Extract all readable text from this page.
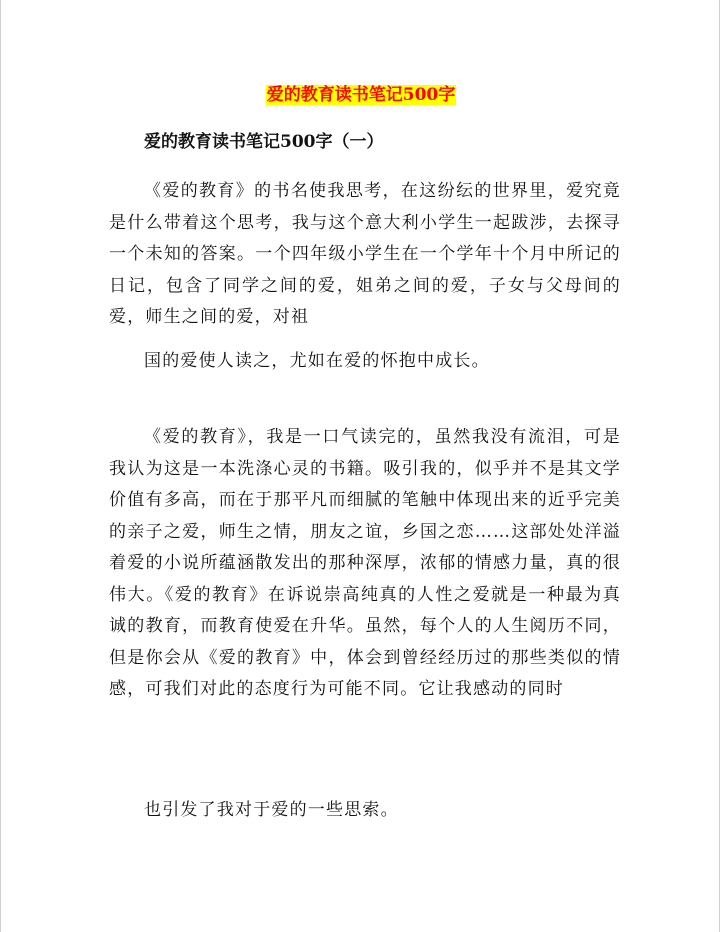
爱的教育读书笔记500字
爱的教育读书笔记500字（一）

《爱的教育》的书名使我思考，在这纷纭的世界里，爱究竟是什么带着这个思考，我与这个意大利小学生一起跋涉，去探寻一个未知的答案。一个四年级小学生在一个学年十个月中所记的日记，包含了同学之间的爱，姐弟之间的爱，子女与父母间的爱，师生之间的爱，对祖

国的爱使人读之，尤如在爱的怀抱中成长。

《爱的教育》，我是一口气读完的，虽然我没有流泪，可是我认为这是一本洗涤心灵的书籍。吸引我的，似乎并不是其文学价值有多高，而在于那平凡而细腻的笔触中体现出来的近乎完美的亲子之爱，师生之情，朋友之谊，乡国之恋……这部处处洋溢着爱的小说所蕴涵散发出的那种深厚，浓郁的情感力量，真的很伟大。《爱的教育》在诉说崇高纯真的人性之爱就是一种最为真诚的教育，而教育使爱在升华。虽然，每个人的人生阅历不同，但是你会从《爱的教育》中，体会到曾经经历过的那些类似的情感，可我们对此的态度行为可能不同。它让我感动的同时

也引发了我对于爱的一些思索。
